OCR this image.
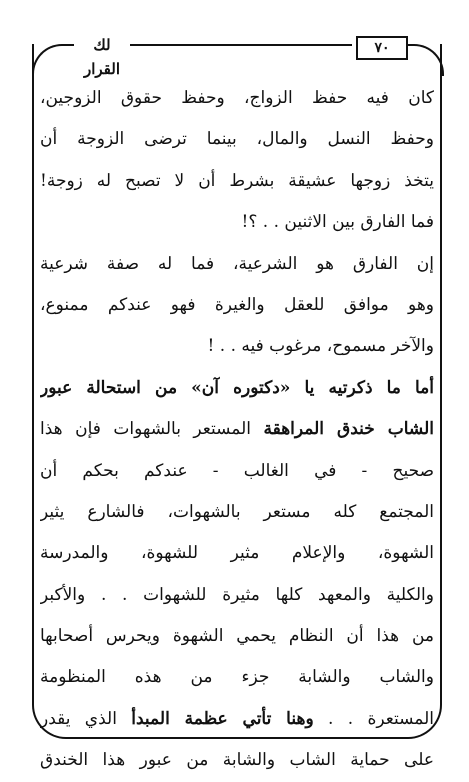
لك القرار
٧٠
كان فيه حفظ الزواج، وحفظ حقوق الزوجين،
وحفظ النسل والمال، بينما ترضى الزوجة أن
يتخذ زوجها عشيقة بشرط أن لا تصبح له زوجة!
فما الفارق بين الاثنين . . ؟!
إن الفارق هو الشرعية، فما له صفة شرعية
وهو موافق للعقل والغيرة فهو عندكم ممنوع،
والآخر مسموح، مرغوب فيه . . !
أما ما ذكرتيه يا «دكتوره آن» من استحالة عبور
الشاب خندق المراهقة المستعر بالشهوات فإن هذا
صحيح - في الغالب - عندكم بحكم أن
المجتمع كله مستعر بالشهوات، فالشارع يثير
الشهوة، والإعلام مثير للشهوة، والمدرسة
والكلية والمعهد كلها مثيرة للشهوات . . والأكبر
من هذا أن النظام يحمي الشهوة ويحرس أصحابها
والشاب والشابة جزء من هذه المنظومة
المستعرة . . وهنا تأتي عظمة المبدأ الذي يقدر
على حماية الشاب والشابة من عبور هذا الخندق
